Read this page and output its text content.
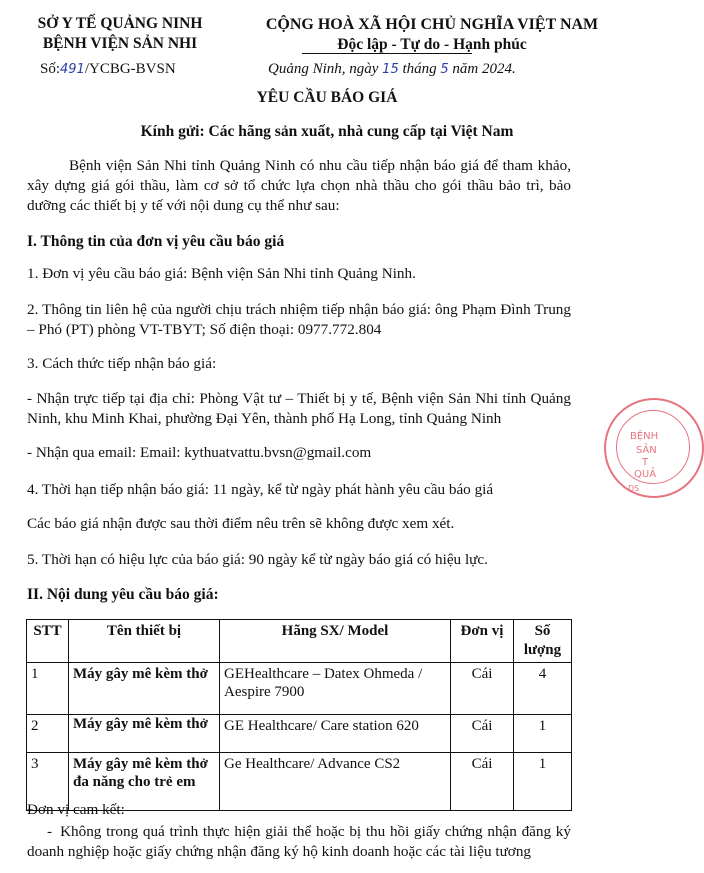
SỞ Y TẾ QUẢNG NINH
BỆNH VIỆN SẢN NHI
Số:491/YCBG-BVSN
CỘNG HOÀ XÃ HỘI CHỦ NGHĨA VIỆT NAM
Độc lập - Tự do - Hạnh phúc
Quảng Ninh, ngày 15 tháng 5 năm 2024.
YÊU CẦU BÁO GIÁ
Kính gửi: Các hãng sản xuất, nhà cung cấp tại Việt Nam
Bệnh viện Sản Nhi tỉnh Quảng Ninh có nhu cầu tiếp nhận báo giá để tham khảo, xây dựng giá gói thầu, làm cơ sở tổ chức lựa chọn nhà thầu cho gói thầu bảo trì, bảo dưỡng các thiết bị y tế với nội dung cụ thể như sau:
I. Thông tin của đơn vị yêu cầu báo giá
1. Đơn vị yêu cầu báo giá: Bệnh viện Sản Nhi tỉnh Quảng Ninh.
2. Thông tin liên hệ của người chịu trách nhiệm tiếp nhận báo giá: ông Phạm Đình Trung – Phó (PT) phòng VT-TBYT; Số điện thoại: 0977.772.804
3. Cách thức tiếp nhận báo giá:
- Nhận trực tiếp tại địa chỉ: Phòng Vật tư – Thiết bị y tế, Bệnh viện Sản Nhi tỉnh Quảng Ninh, khu Minh Khai, phường Đại Yên, thành phố Hạ Long, tỉnh Quảng Ninh
- Nhận qua email: Email: kythuatvattu.bvsn@gmail.com
4. Thời hạn tiếp nhận báo giá: 11 ngày, kể từ ngày phát hành yêu cầu báo giá
Các báo giá nhận được sau thời điểm nêu trên sẽ không được xem xét.
5. Thời hạn có hiệu lực của báo giá: 90 ngày kể từ ngày báo giá có hiệu lực.
II. Nội dung yêu cầu báo giá:
STT	Tên thiết bị	Hãng SX/ Model	Đơn vị	Số lượng
1	Máy gây mê kèm thở	GEHealthcare – Datex Ohmeda / Aespire 7900	Cái	4
2	Máy gây mê kèm thở	GE Healthcare/ Care station 620	Cái	1
3	Máy gây mê kèm thở đa năng cho trẻ em	Ge Healthcare/ Advance CS2	Cái	1
Đơn vị cam kết:
- Không trong quá trình thực hiện giải thể hoặc bị thu hồi giấy chứng nhận đăng ký doanh nghiệp hoặc giấy chứng nhận đăng ký hộ kinh doanh hoặc các tài liệu tương
BỆNH
SẢN
T
QUẢ
DS
